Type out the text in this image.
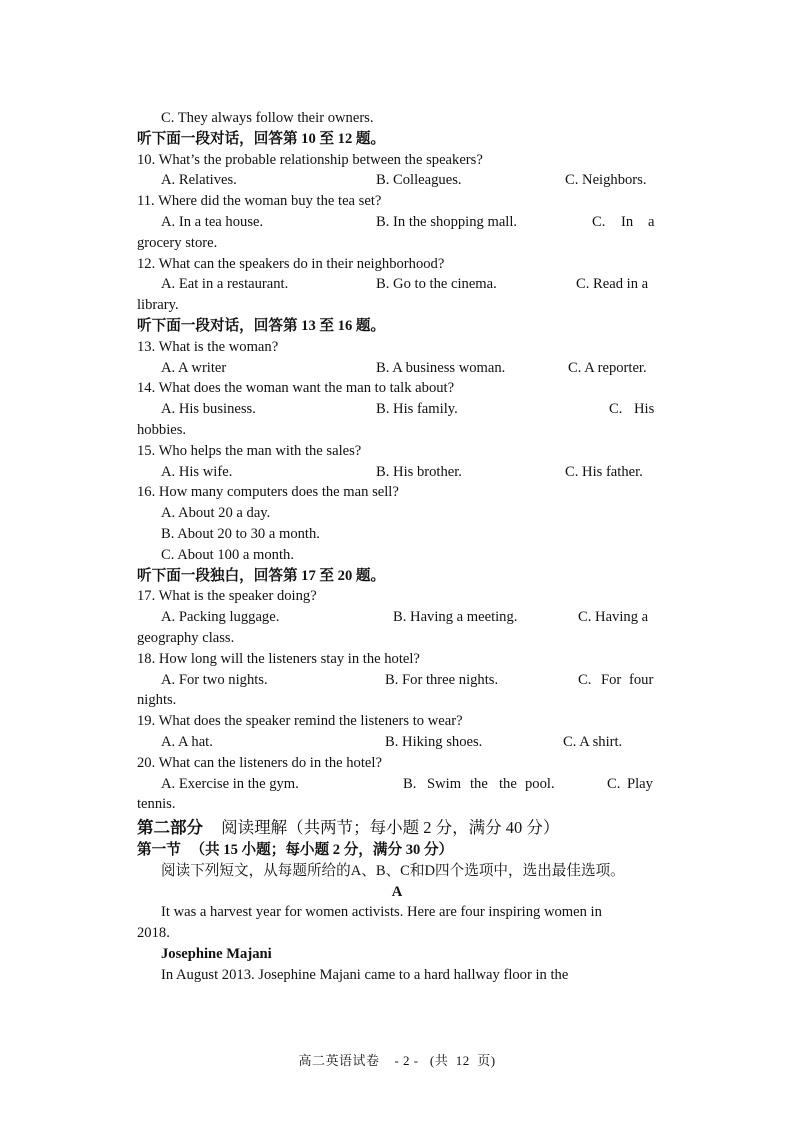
C. They always follow their owners.
听下面一段对话，回答第 10 至 12 题。
10. What’s the probable relationship between the speakers?
A. Relatives.	B. Colleagues.	C. Neighbors.
11. Where did the woman buy the tea set?
A. In a tea house.	B. In the shopping mall.	C. In a
grocery store.
12. What can the speakers do in their neighborhood?
A. Eat in a restaurant.	B. Go to the cinema.	C. Read in a
library.
听下面一段对话，回答第 13 至 16 题。
13. What is the woman?
A. A writer	B. A business woman.	C. A reporter.
14. What does the woman want the man to talk about?
A. His business.	B. His family.	C. His
hobbies.
15. Who helps the man with the sales?
A. His wife.	B. His brother.	C. His father.
16. How many computers does the man sell?
A. About 20 a day.
B. About 20 to 30 a month.
C. About 100 a month.
听下面一段独白，回答第 17 至 20 题。
17. What is the speaker doing?
A. Packing luggage.	B. Having a meeting.	C. Having a
geography class.
18. How long will the listeners stay in the hotel?
A. For two nights.	B. For three nights.	C. For four
nights.
19. What does the speaker remind the listeners to wear?
A. A hat.	B. Hiking shoes.	C. A shirt.
20. What can the listeners do in the hotel?
A. Exercise in the gym.	B. Swim the the pool.	C. Play
tennis.
第二部分 阅读理解（共两节；每小题 2 分，满分 40 分）
第一节 （共 15 小题；每小题 2 分，满分 30 分）
阅读下列短文，从每题所给的A、B、C和D四个选项中，选出最佳选项。
A
It was a harvest year for women activists. Here are four inspiring women in
2018.
Josephine Majani
In August 2013. Josephine Majani came to a hard hallway floor in the
高二英语试卷    - 2 -   (共  12  页)
